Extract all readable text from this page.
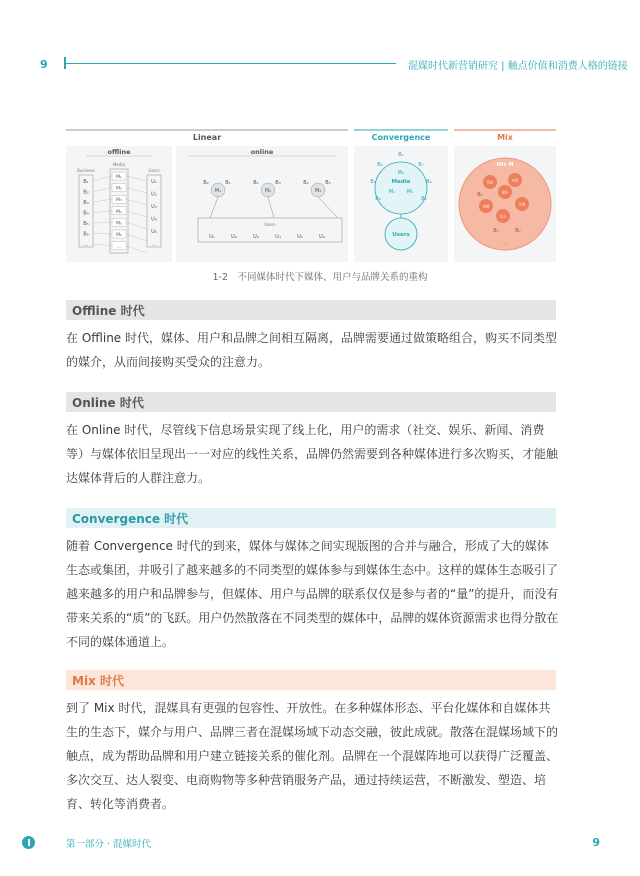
9	混媒时代新营销研究 | 触点价值和消费人格的链接
Linear	Convergence	Mix
offline
Business
Media
Users
B₁
B₂
B₃
B₄
B₅
B₆
…
M₁
M₂
M₃
M₄
M₅
M₆
…
U₁
U₂
U₃
U₄
U₅
…
online
B₂	B₁
M₁
B₁	B₃
M₂
B₂	B₅
M₃
Users
U₁	U₂	U₃	U₄	U₅	U₆
Media
B₁
B₂	B₇
B₃	B₆
B₄	B₅
M₂
M₁ M₃
Users
Mix M
营直	电商
媒体
直播	评测
达人
B₂
B₃	B₇
…
1-2　不同媒体时代下媒体、用户与品牌关系的重构
Offline 时代
在 Offline 时代，媒体、用户和品牌之间相互隔离，品牌需要通过做策略组合，购买不同类型的媒介，从而间接购买受众的注意力。
Online 时代
在 Online 时代，尽管线下信息场景实现了线上化，用户的需求（社交、娱乐、新闻、消费等）与媒体依旧呈现出一一对应的线性关系，品牌仍然需要到各种媒体进行多次购买，才能触达媒体背后的人群注意力。
Convergence 时代
随着 Convergence 时代的到来，媒体与媒体之间实现版图的合并与融合，形成了大的媒体生态或集团，并吸引了越来越多的不同类型的媒体参与到媒体生态中。这样的媒体生态吸引了越来越多的用户和品牌参与，但媒体、用户与品牌的联系仅仅是参与者的“量”的提升，而没有带来关系的“质”的飞跃。用户仍然散落在不同类型的媒体中，品牌的媒体资源需求也得分散在不同的媒体通道上。
Mix 时代
到了 Mix 时代，混媒具有更强的包容性、开放性。在多种媒体形态、平台化媒体和自媒体共生的生态下，媒介与用户、品牌三者在混媒场域下动态交融，彼此成就。散落在混媒场域下的触点，成为帮助品牌和用户建立链接关系的催化剂。品牌在一个混媒阵地可以获得广泛覆盖、多次交互、达人裂变、电商购物等多种营销服务产品，通过持续运营，不断激发、塑造、培育、转化等消费者。
第一部分 · 混媒时代	9
